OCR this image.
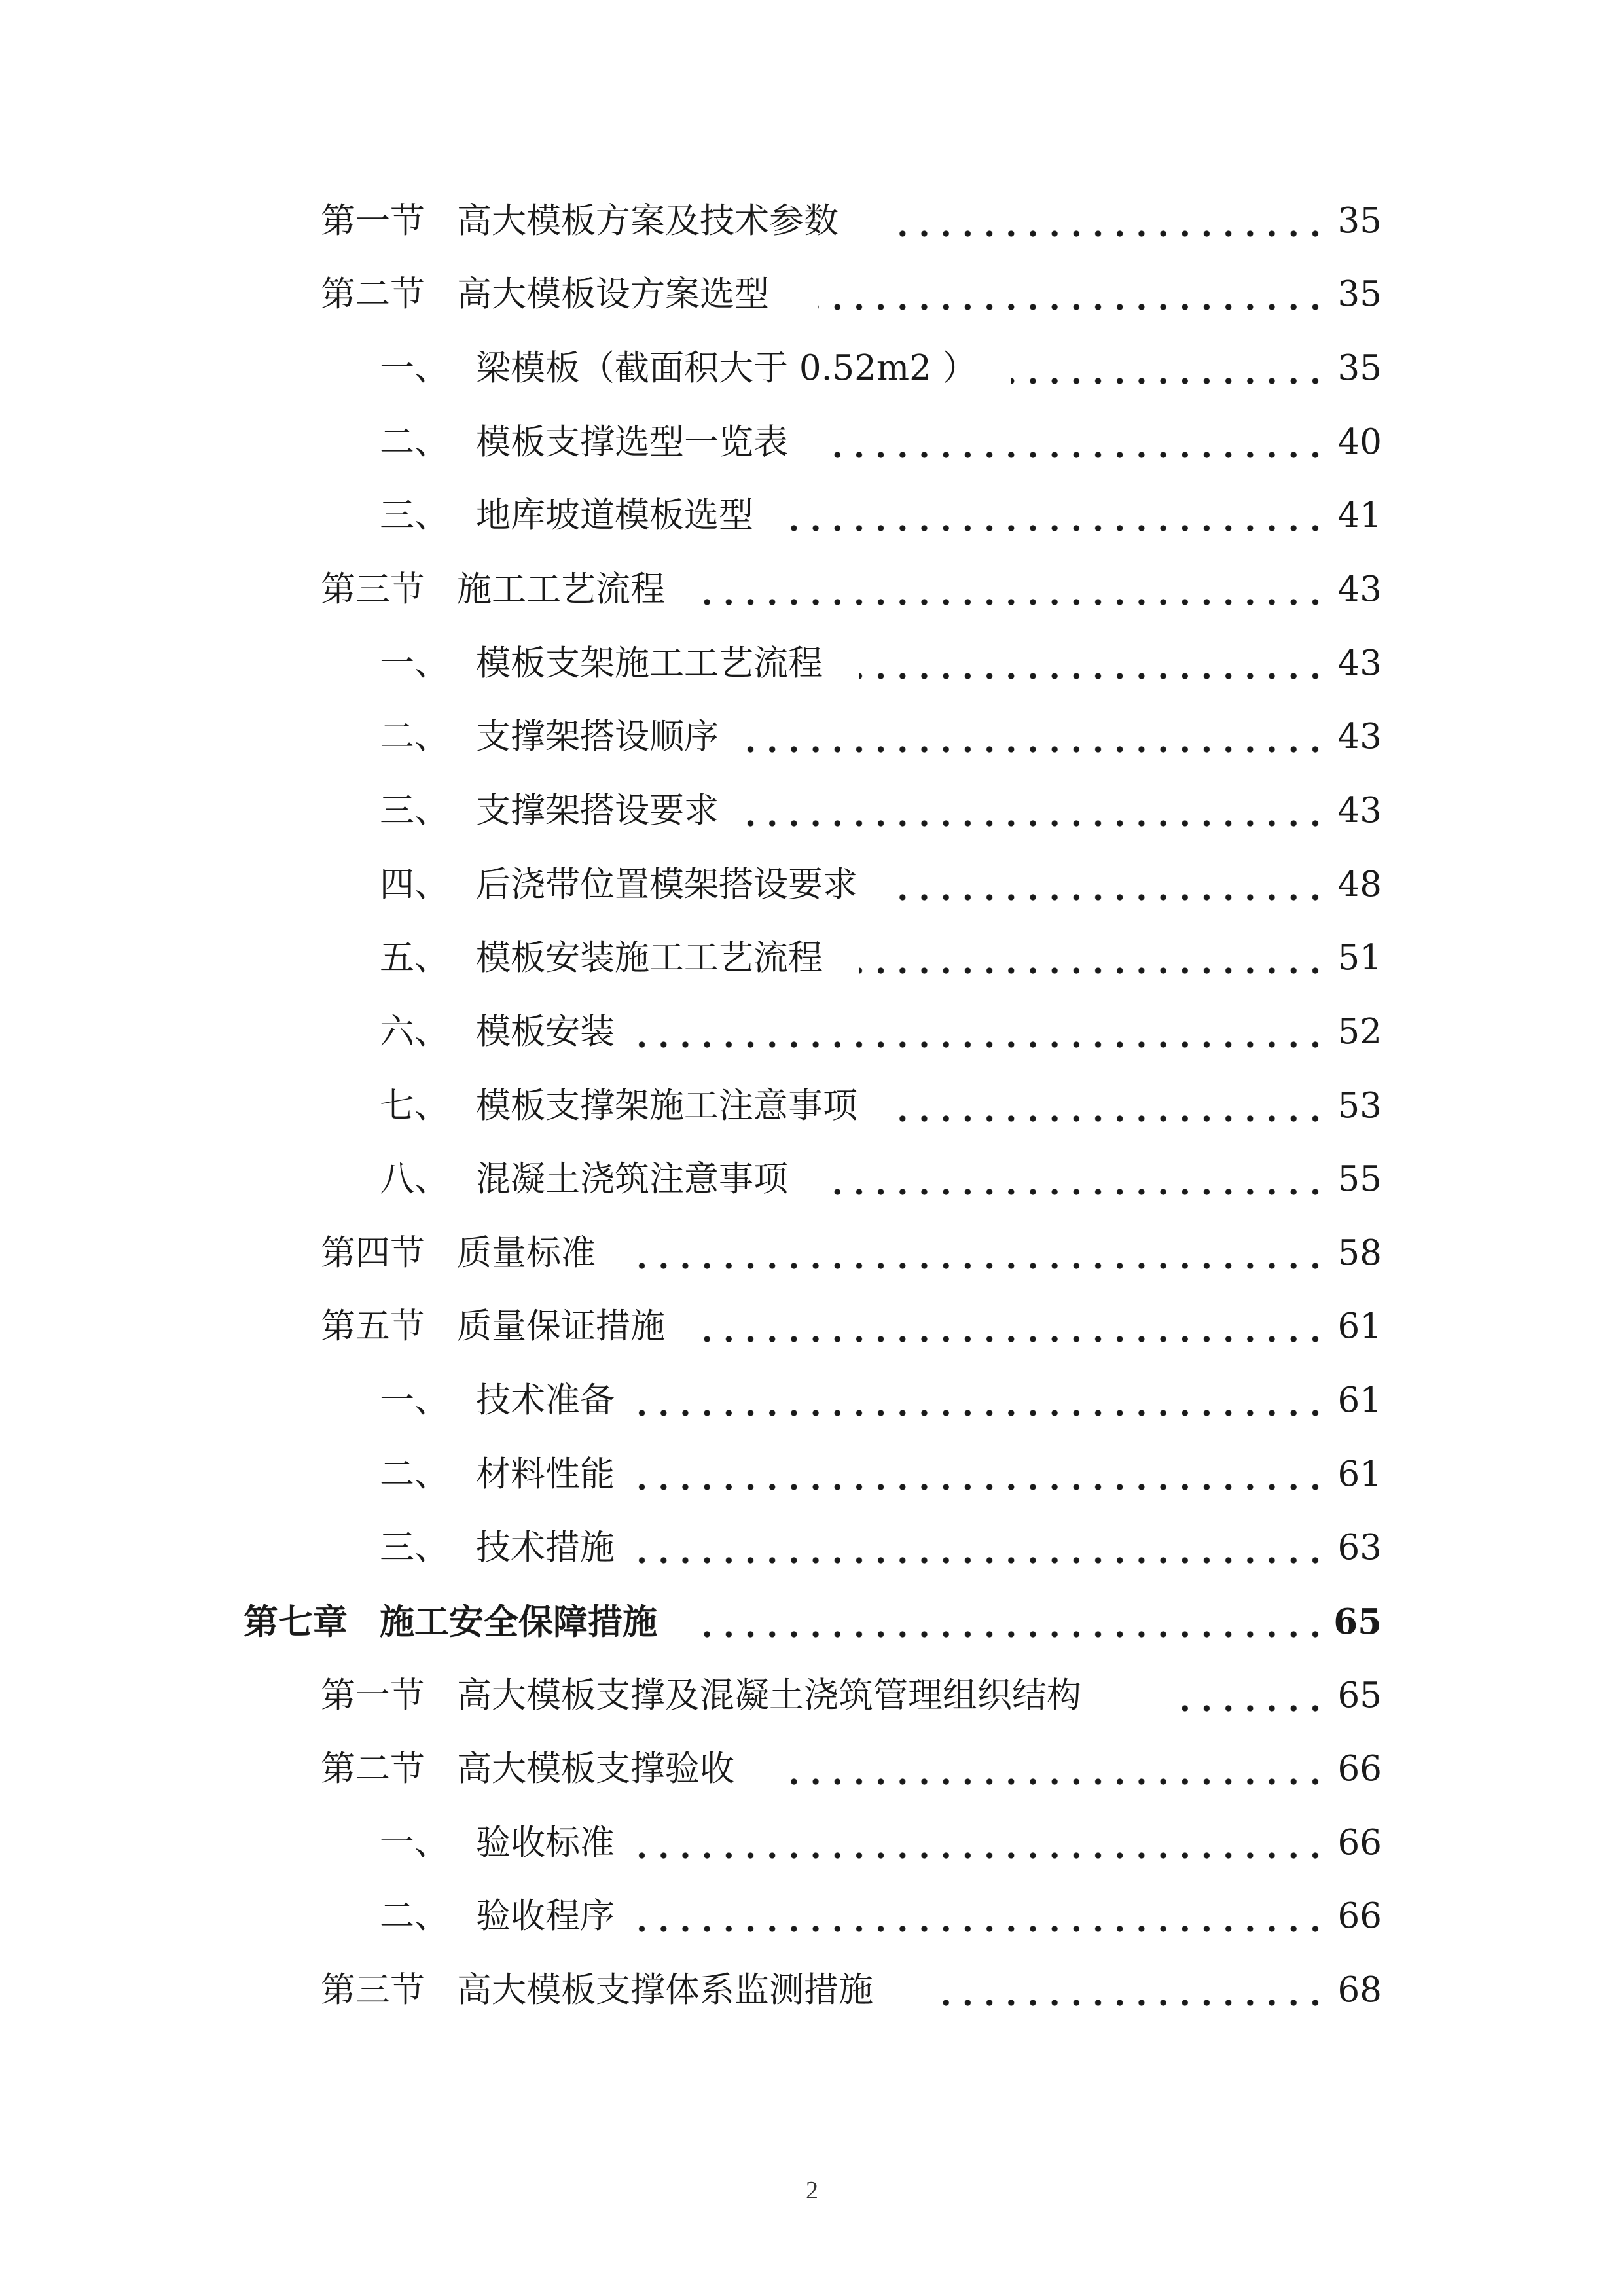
第一节 高大模板方案及技术参数	35
第二节 高大模板设方案选型	35
一、 梁模板（截面积大于 0.52m2 ）	35
二、 模板支撑选型一览表	40
三、 地库坡道模板选型	41
第三节 施工工艺流程	43
一、 模板支架施工工艺流程	43
二、 支撑架搭设顺序	43
三、 支撑架搭设要求	43
四、 后浇带位置模架搭设要求	48
五、 模板安装施工工艺流程	51
六、 模板安装	52
七、 模板支撑架施工注意事项	53
八、 混凝土浇筑注意事项	55
第四节 质量标准	58
第五节 质量保证措施	61
一、 技术准备	61
二、 材料性能	61
三、 技术措施	63
第七章 施工安全保障措施	65
第一节 高大模板支撑及混凝土浇筑管理组织结构	65
第二节 高大模板支撑验收	66
一、 验收标准	66
二、 验收程序	66
第三节 高大模板支撑体系监测措施	68
2
